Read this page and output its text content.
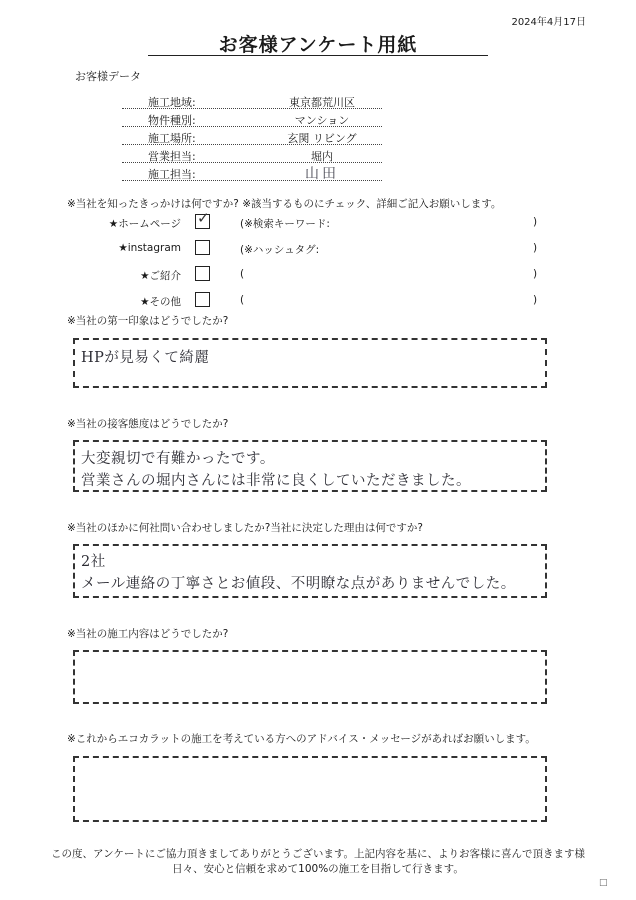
2024年4月17日
お客様アンケート用紙
お客様データ
施工地域:	東京都荒川区
物件種別:	マンション
施工場所:	玄関 リビング
営業担当:	堀内
施工担当:	山田
※当社を知ったきっかけは何ですか? ※該当するものにチェック、詳細ご記入お願いします。
★ホームページ ✓	(※検索キーワード:	)
★instagram	(※ハッシュタグ:	)
★ご紹介	(	)
★その他	(	)
※当社の第一印象はどうでしたか?
HPが見易くて綺麗
※当社の接客態度はどうでしたか?
大変親切で有難かったです。
営業さんの堀内さんには非常に良くしていただきました。
※当社のほかに何社問い合わせしましたか?当社に決定した理由は何ですか?
2社
メール連絡の丁寧さとお値段、不明瞭な点がありませんでした。
※当社の施工内容はどうでしたか?
※これからエコカラットの施工を考えている方へのアドバイス・メッセージがあればお願いします。
この度、アンケートにご協力頂きましてありがとうございます。上記内容を基に、よりお客様に喜んで頂きます様
日々、安心と信頼を求めて100%の施工を目指して行きます。
□
